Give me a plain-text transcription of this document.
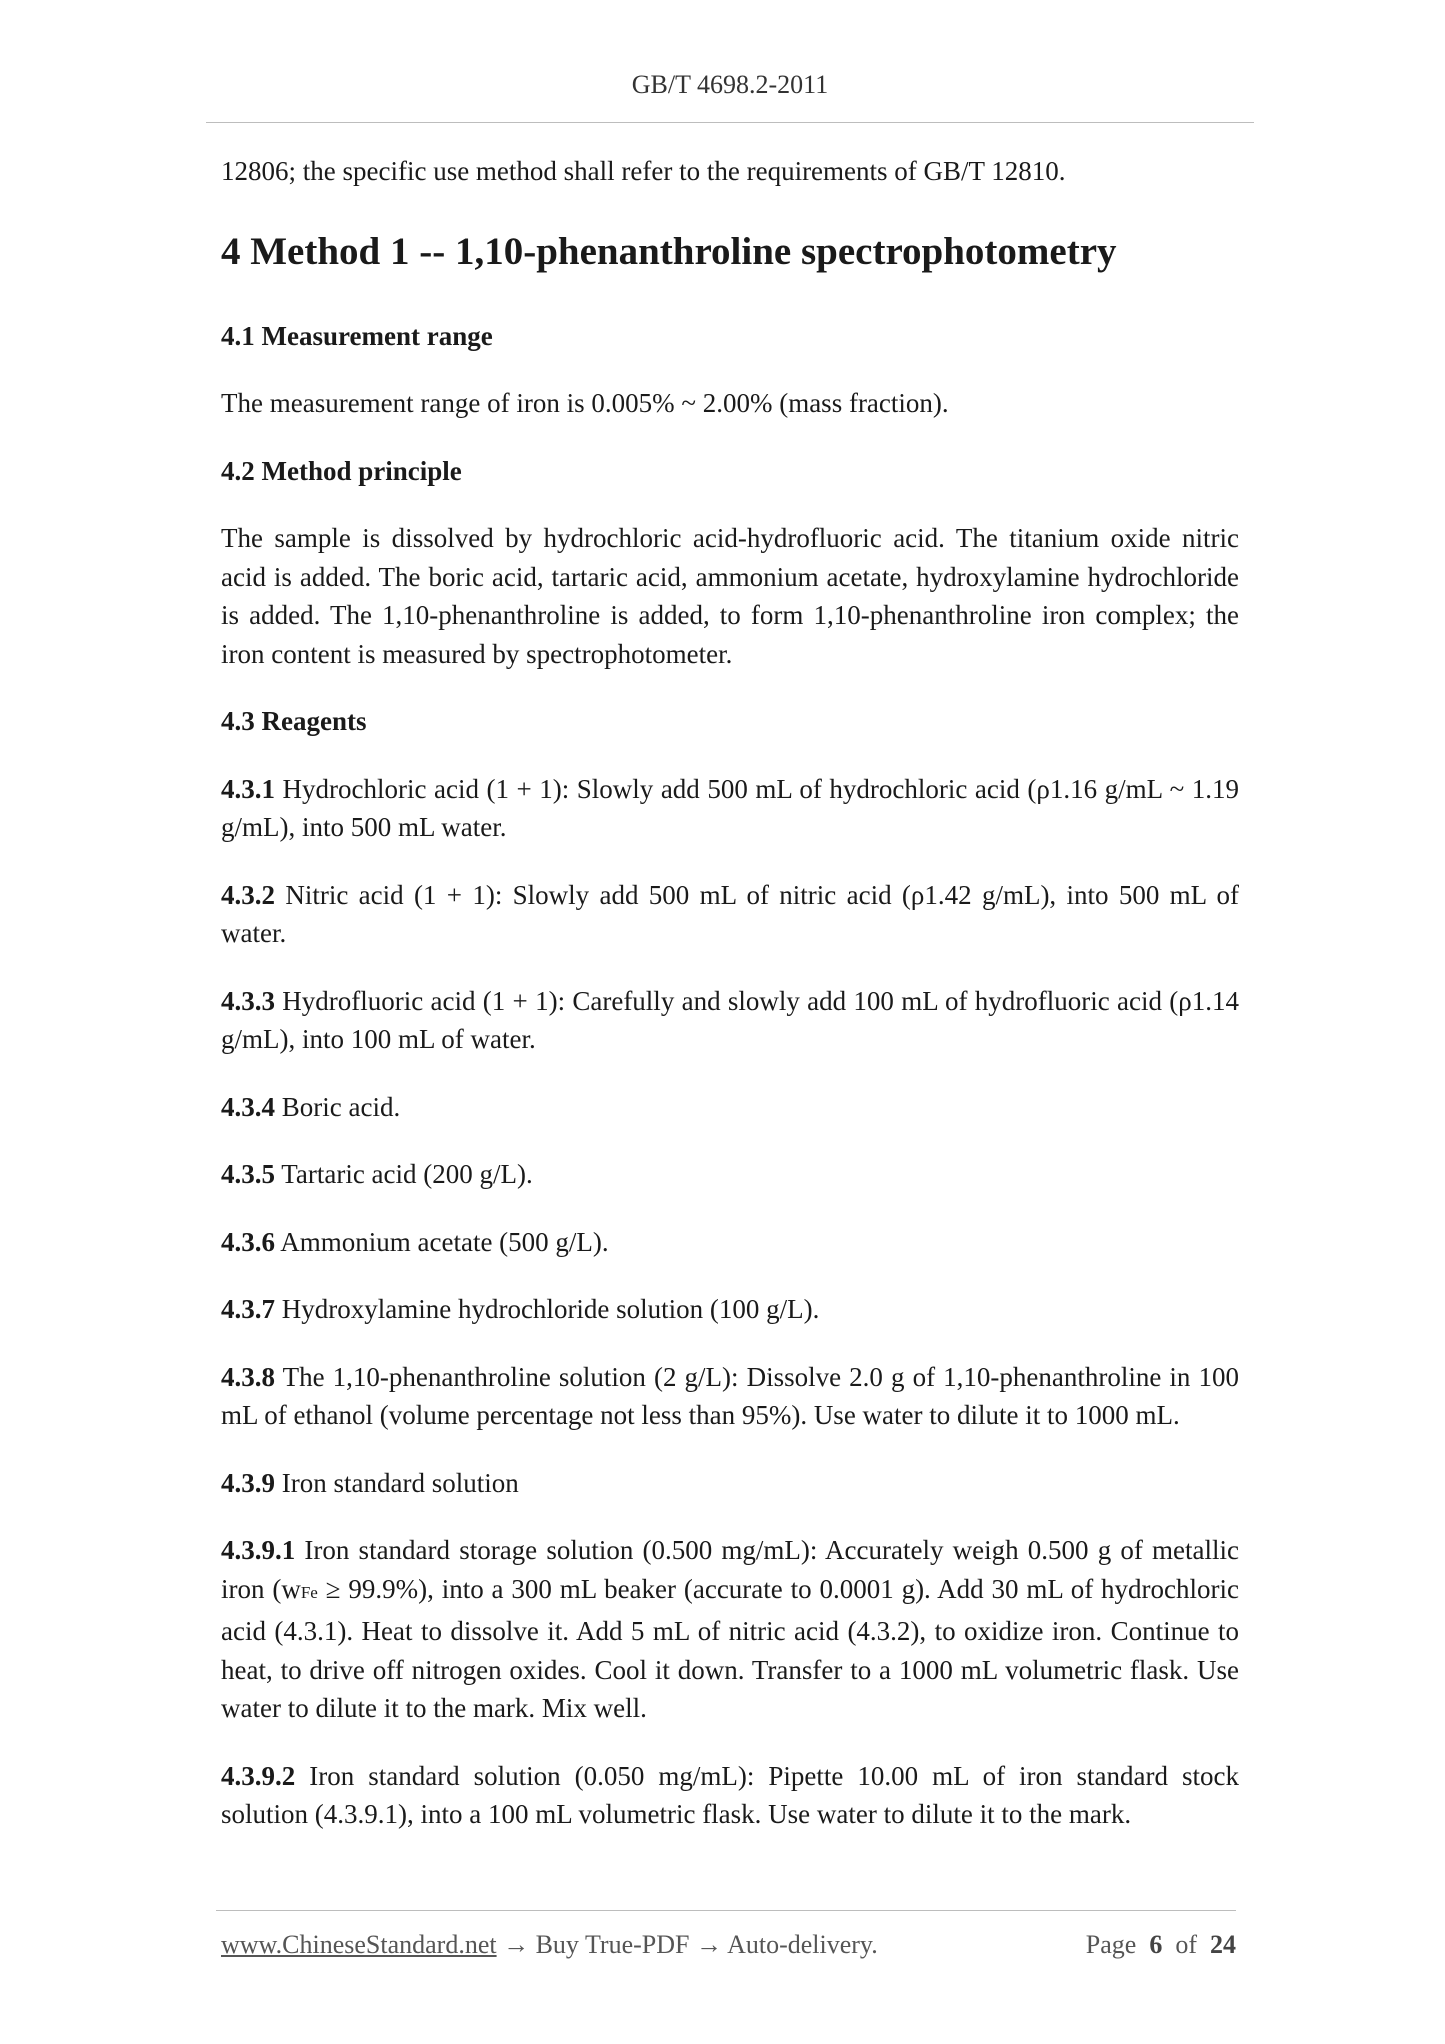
GB/T 4698.2-2011

12806; the specific use method shall refer to the requirements of GB/T 12810.

4 Method 1 -- 1,10-phenanthroline spectrophotometry
4.1 Measurement range

The measurement range of iron is 0.005% ~ 2.00% (mass fraction).

4.2 Method principle

The sample is dissolved by hydrochloric acid-hydrofluoric acid. The titanium oxide nitric acid is added. The boric acid, tartaric acid, ammonium acetate, hydroxylamine hydrochloride is added. The 1,10-phenanthroline is added, to form 1,10-phenanthroline iron complex; the iron content is measured by spectrophotometer.

4.3 Reagents

4.3.1 Hydrochloric acid (1 + 1): Slowly add 500 mL of hydrochloric acid (ρ1.16 g/mL ~ 1.19 g/mL), into 500 mL water.

4.3.2 Nitric acid (1 + 1): Slowly add 500 mL of nitric acid (ρ1.42 g/mL), into 500 mL of water.

4.3.3 Hydrofluoric acid (1 + 1): Carefully and slowly add 100 mL of hydrofluoric acid (ρ1.14 g/mL), into 100 mL of water.

4.3.4 Boric acid.

4.3.5 Tartaric acid (200 g/L).

4.3.6 Ammonium acetate (500 g/L).

4.3.7 Hydroxylamine hydrochloride solution (100 g/L).

4.3.8 The 1,10-phenanthroline solution (2 g/L): Dissolve 2.0 g of 1,10-phenanthroline in 100 mL of ethanol (volume percentage not less than 95%). Use water to dilute it to 1000 mL.

4.3.9 Iron standard solution

4.3.9.1 Iron standard storage solution (0.500 mg/mL): Accurately weigh 0.500 g of metallic iron (wFe ≥ 99.9%), into a 300 mL beaker (accurate to 0.0001 g). Add 30 mL of hydrochloric acid (4.3.1). Heat to dissolve it. Add 5 mL of nitric acid (4.3.2), to oxidize iron. Continue to heat, to drive off nitrogen oxides. Cool it down. Transfer to a 1000 mL volumetric flask. Use water to dilute it to the mark. Mix well.

4.3.9.2 Iron standard solution (0.050 mg/mL): Pipette 10.00 mL of iron standard stock solution (4.3.9.1), into a 100 mL volumetric flask. Use water to dilute it to the mark.

www.ChineseStandard.net → Buy True-PDF → Auto-delivery.	Page 6 of 24
